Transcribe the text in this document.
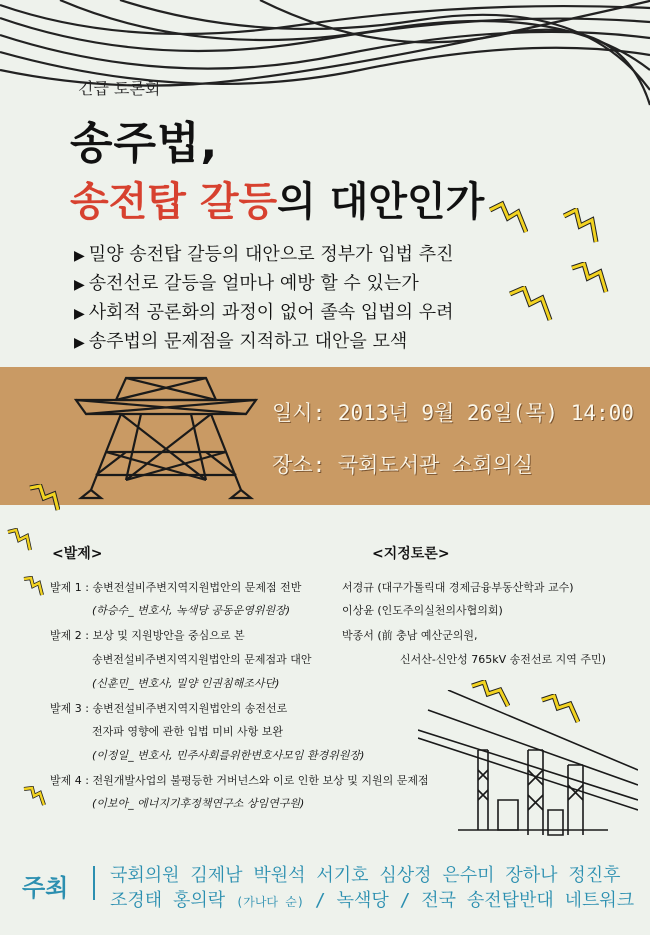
긴급 토론회
송주법,
송전탑 갈등의 대안인가
▶ 밀양 송전탑 갈등의 대안으로 정부가 입법 추진
▶ 송전선로 갈등을 얼마나 예방 할 수 있는가
▶ 사회적 공론화의 과정이 없어 졸속 입법의 우려
▶ 송주법의 문제점을 지적하고 대안을 모색
일시: 2013년 9월 26일(목) 14:00
장소: 국회도서관 소회의실
<발제>
발제 1 : 송변전설비주변지역지원법안의 문제점 전반
(하승수_ 변호사, 녹색당 공동운영위원장)
발제 2 : 보상 및 지원방안을 중심으로 본
송변전설비주변지역지원법안의 문제점과 대안
(신훈민_ 변호사, 밀양 인권침해조사단)
발제 3 : 송변전설비주변지역지원법안의 송전선로
전자파 영향에 관한 입법 미비 사항 보완
(이정일_ 변호사, 민주사회를위한변호사모임 환경위원장)
발제 4 : 전원개발사업의 불평등한 거버넌스와 이로 인한 보상 및 지원의 문제점
(이보아_ 에너지기후정책연구소 상임연구원)
<지정토론>
서경규 (대구가톨릭대 경제금융부동산학과 교수)
이상윤 (인도주의실천의사협의회)
박종서 (前 충남 예산군의원,
신서산-신안성 765kV 송전선로 지역 주민)
주최 국회의원 김제남 박원석 서기호 심상정 은수미 장하나 정진후
조경태 홍의락 (가나다 순) / 녹색당 / 전국 송전탑반대 네트워크
